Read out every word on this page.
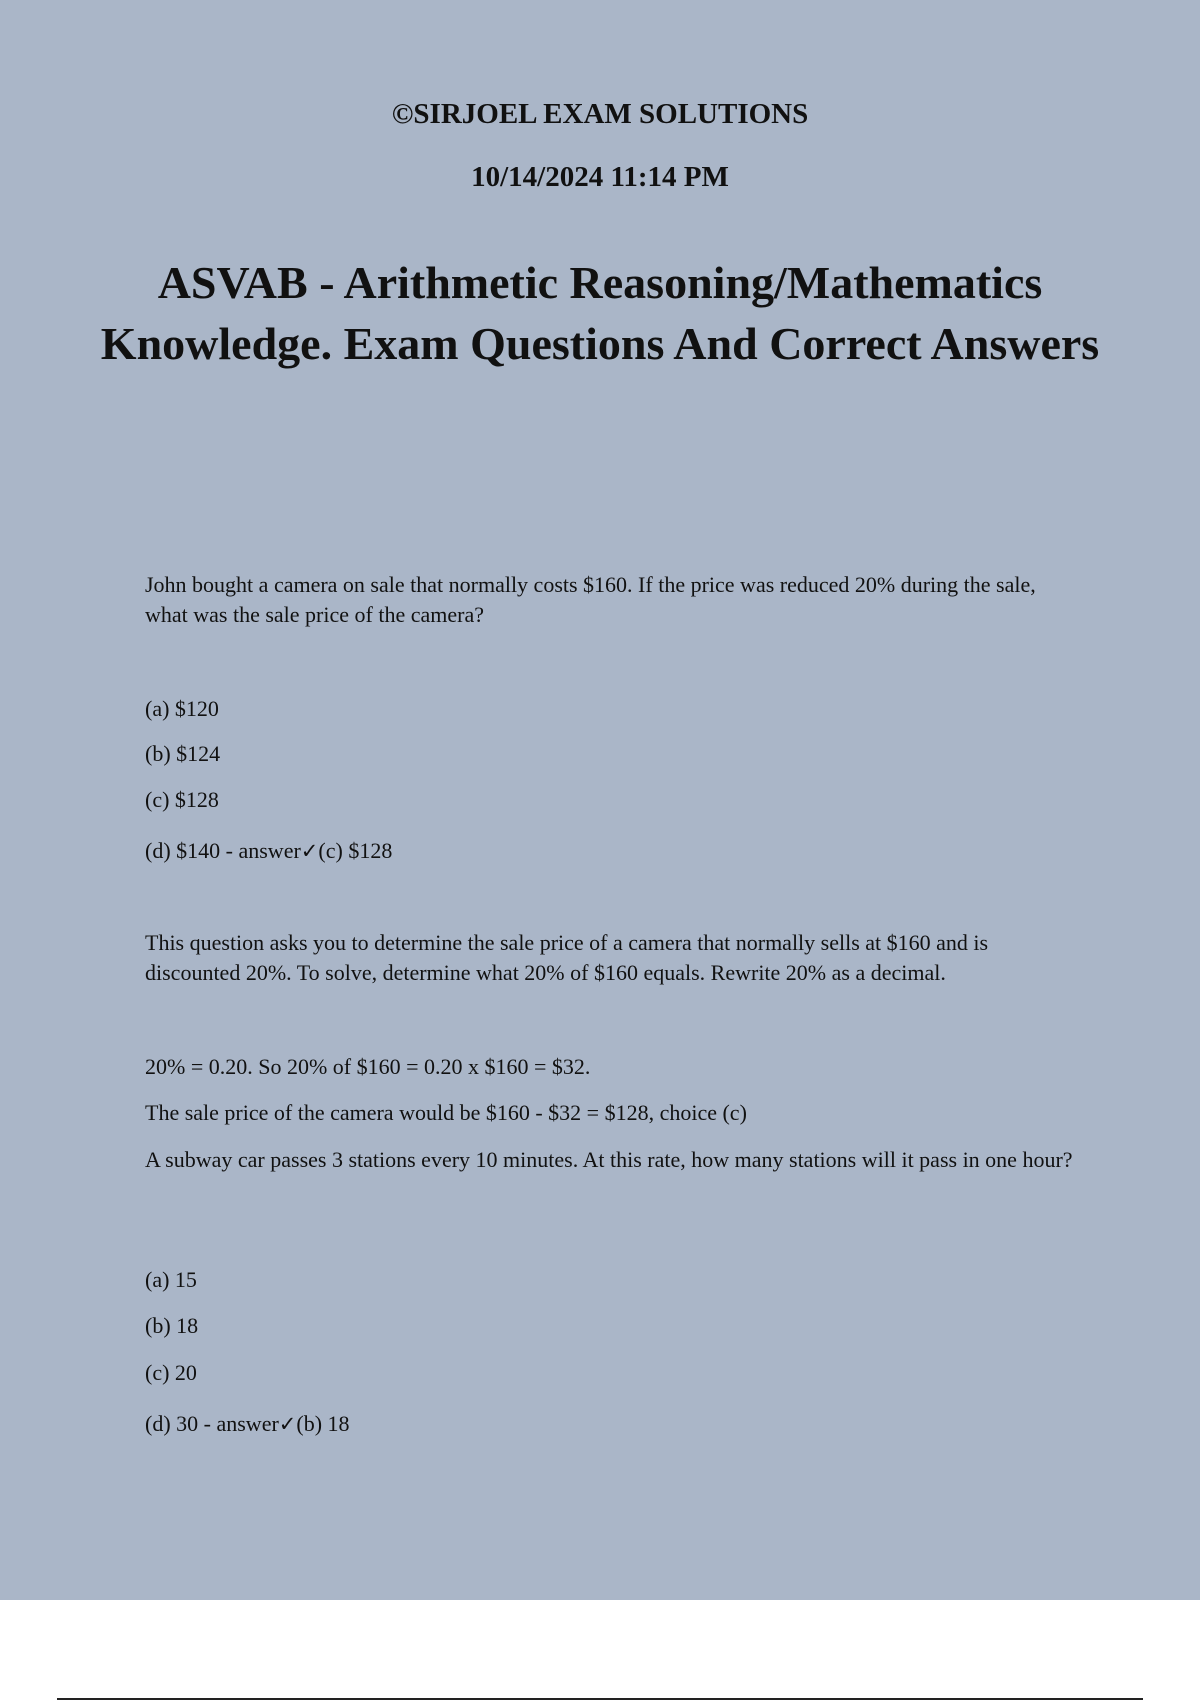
©SIRJOEL EXAM SOLUTIONS
10/14/2024 11:14 PM
ASVAB - Arithmetic Reasoning/Mathematics Knowledge. Exam Questions And Correct Answers

John bought a camera on sale that normally costs $160. If the price was reduced 20% during the sale, what was the sale price of the camera?

(a) $120

(b) $124

(c) $128

(d) $140 - answer✓(c) $128

This question asks you to determine the sale price of a camera that normally sells at $160 and is discounted 20%. To solve, determine what 20% of $160 equals. Rewrite 20% as a decimal.

20% = 0.20. So 20% of $160 = 0.20 x $160 = $32.

The sale price of the camera would be $160 - $32 = $128, choice (c)

A subway car passes 3 stations every 10 minutes. At this rate, how many stations will it pass in one hour?

(a) 15

(b) 18

(c) 20

(d) 30 - answer✓(b) 18
